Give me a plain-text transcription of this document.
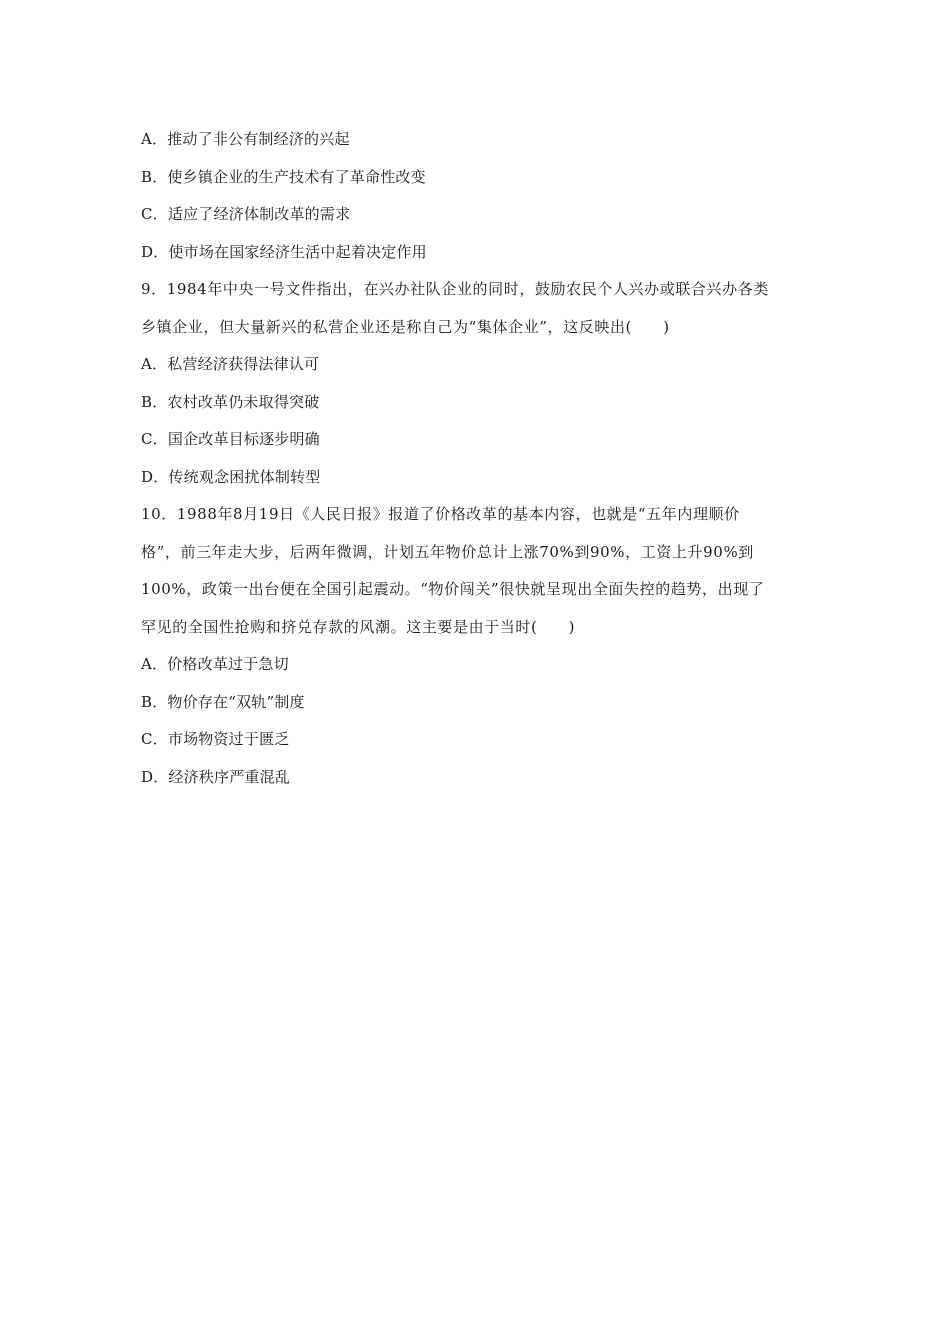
A．推动了非公有制经济的兴起
B．使乡镇企业的生产技术有了革命性改变
C．适应了经济体制改革的需求
D．使市场在国家经济生活中起着决定作用
9．1984年中央一号文件指出，在兴办社队企业的同时，鼓励农民个人兴办或联合兴办各类
乡镇企业，但大量新兴的私营企业还是称自己为“集体企业”，这反映出(　　)
A．私营经济获得法律认可
B．农村改革仍未取得突破
C．国企改革目标逐步明确
D．传统观念困扰体制转型
10．1988年8月19日《人民日报》报道了价格改革的基本内容，也就是“五年内理顺价
格”，前三年走大步，后两年微调，计划五年物价总计上涨70%到90%，工资上升90%到
100%，政策一出台便在全国引起震动。“物价闯关”很快就呈现出全面失控的趋势，出现了
罕见的全国性抢购和挤兑存款的风潮。这主要是由于当时(　　)
A．价格改革过于急切
B．物价存在“双轨”制度
C．市场物资过于匮乏
D．经济秩序严重混乱
